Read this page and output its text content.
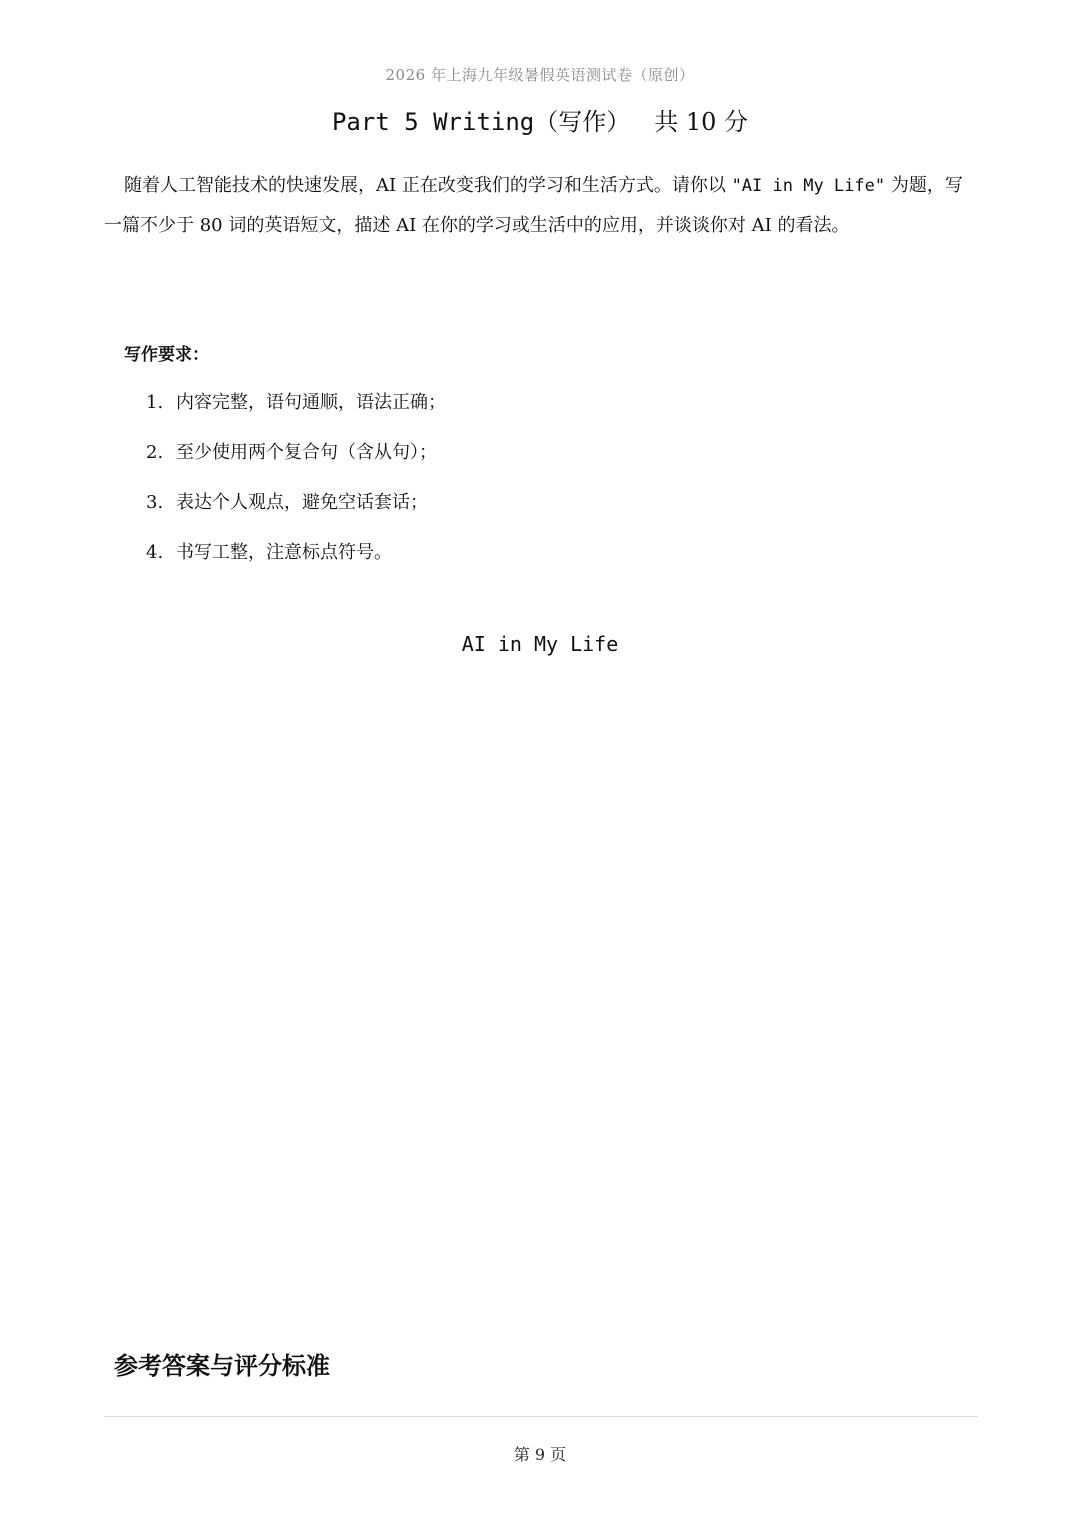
2026 年上海九年级暑假英语测试卷（原创）
Part 5 Writing（写作） 共 10 分
随着人工智能技术的快速发展，AI 正在改变我们的学习和生活方式。请你以 "AI in My Life" 为题，写一篇不少于 80 词的英语短文，描述 AI 在你的学习或生活中的应用，并谈谈你对 AI 的看法。
写作要求：
1. 内容完整，语句通顺，语法正确；
2. 至少使用两个复合句（含从句）；
3. 表达个人观点，避免空话套话；
4. 书写工整，注意标点符号。
AI in My Life
参考答案与评分标准
第 9 页
